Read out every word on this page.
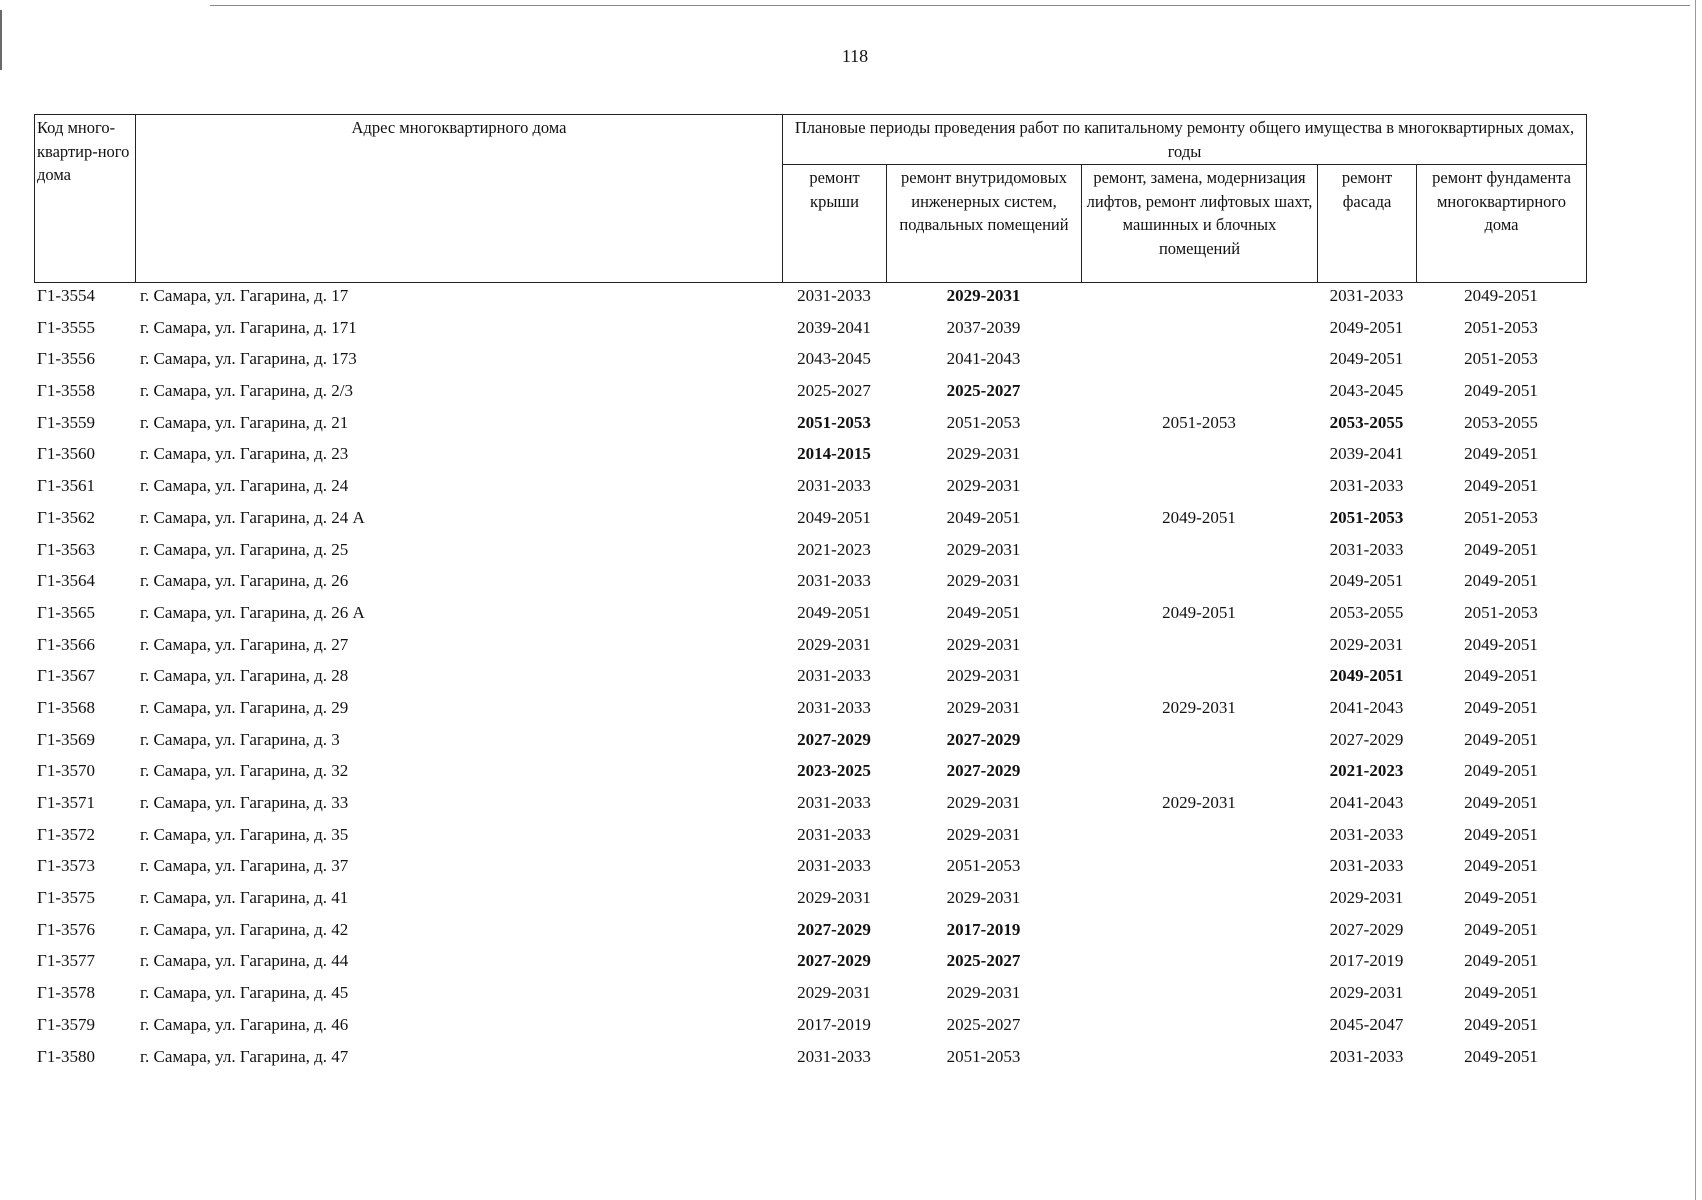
118
Код много-квартир-ного дома	Адрес многоквартирного дома	Плановые периоды проведения работ по капитальному ремонту общего имущества в многоквартирных домах, годы				
		ремонт крыши	ремонт внутридомовых инженерных систем, подвальных помещений	ремонт, замена, модернизация лифтов, ремонт лифтовых шахт, машинных и блочных помещений	ремонт фасада	ремонт фундамента многоквартирного дома
Г1-3554	г. Самара, ул. Гагарина, д. 17	2031-2033	2029-2031		2031-2033	2049-2051
Г1-3555	г. Самара, ул. Гагарина, д. 171	2039-2041	2037-2039		2049-2051	2051-2053
Г1-3556	г. Самара, ул. Гагарина, д. 173	2043-2045	2041-2043		2049-2051	2051-2053
Г1-3558	г. Самара, ул. Гагарина, д. 2/3	2025-2027	2025-2027		2043-2045	2049-2051
Г1-3559	г. Самара, ул. Гагарина, д. 21	2051-2053	2051-2053	2051-2053	2053-2055	2053-2055
Г1-3560	г. Самара, ул. Гагарина, д. 23	2014-2015	2029-2031		2039-2041	2049-2051
Г1-3561	г. Самара, ул. Гагарина, д. 24	2031-2033	2029-2031		2031-2033	2049-2051
Г1-3562	г. Самара, ул. Гагарина, д. 24 А	2049-2051	2049-2051	2049-2051	2051-2053	2051-2053
Г1-3563	г. Самара, ул. Гагарина, д. 25	2021-2023	2029-2031		2031-2033	2049-2051
Г1-3564	г. Самара, ул. Гагарина, д. 26	2031-2033	2029-2031		2049-2051	2049-2051
Г1-3565	г. Самара, ул. Гагарина, д. 26 А	2049-2051	2049-2051	2049-2051	2053-2055	2051-2053
Г1-3566	г. Самара, ул. Гагарина, д. 27	2029-2031	2029-2031		2029-2031	2049-2051
Г1-3567	г. Самара, ул. Гагарина, д. 28	2031-2033	2029-2031		2049-2051	2049-2051
Г1-3568	г. Самара, ул. Гагарина, д. 29	2031-2033	2029-2031	2029-2031	2041-2043	2049-2051
Г1-3569	г. Самара, ул. Гагарина, д. 3	2027-2029	2027-2029		2027-2029	2049-2051
Г1-3570	г. Самара, ул. Гагарина, д. 32	2023-2025	2027-2029		2021-2023	2049-2051
Г1-3571	г. Самара, ул. Гагарина, д. 33	2031-2033	2029-2031	2029-2031	2041-2043	2049-2051
Г1-3572	г. Самара, ул. Гагарина, д. 35	2031-2033	2029-2031		2031-2033	2049-2051
Г1-3573	г. Самара, ул. Гагарина, д. 37	2031-2033	2051-2053		2031-2033	2049-2051
Г1-3575	г. Самара, ул. Гагарина, д. 41	2029-2031	2029-2031		2029-2031	2049-2051
Г1-3576	г. Самара, ул. Гагарина, д. 42	2027-2029	2017-2019		2027-2029	2049-2051
Г1-3577	г. Самара, ул. Гагарина, д. 44	2027-2029	2025-2027		2017-2019	2049-2051
Г1-3578	г. Самара, ул. Гагарина, д. 45	2029-2031	2029-2031		2029-2031	2049-2051
Г1-3579	г. Самара, ул. Гагарина, д. 46	2017-2019	2025-2027		2045-2047	2049-2051
Г1-3580	г. Самара, ул. Гагарина, д. 47	2031-2033	2051-2053		2031-2033	2049-2051
